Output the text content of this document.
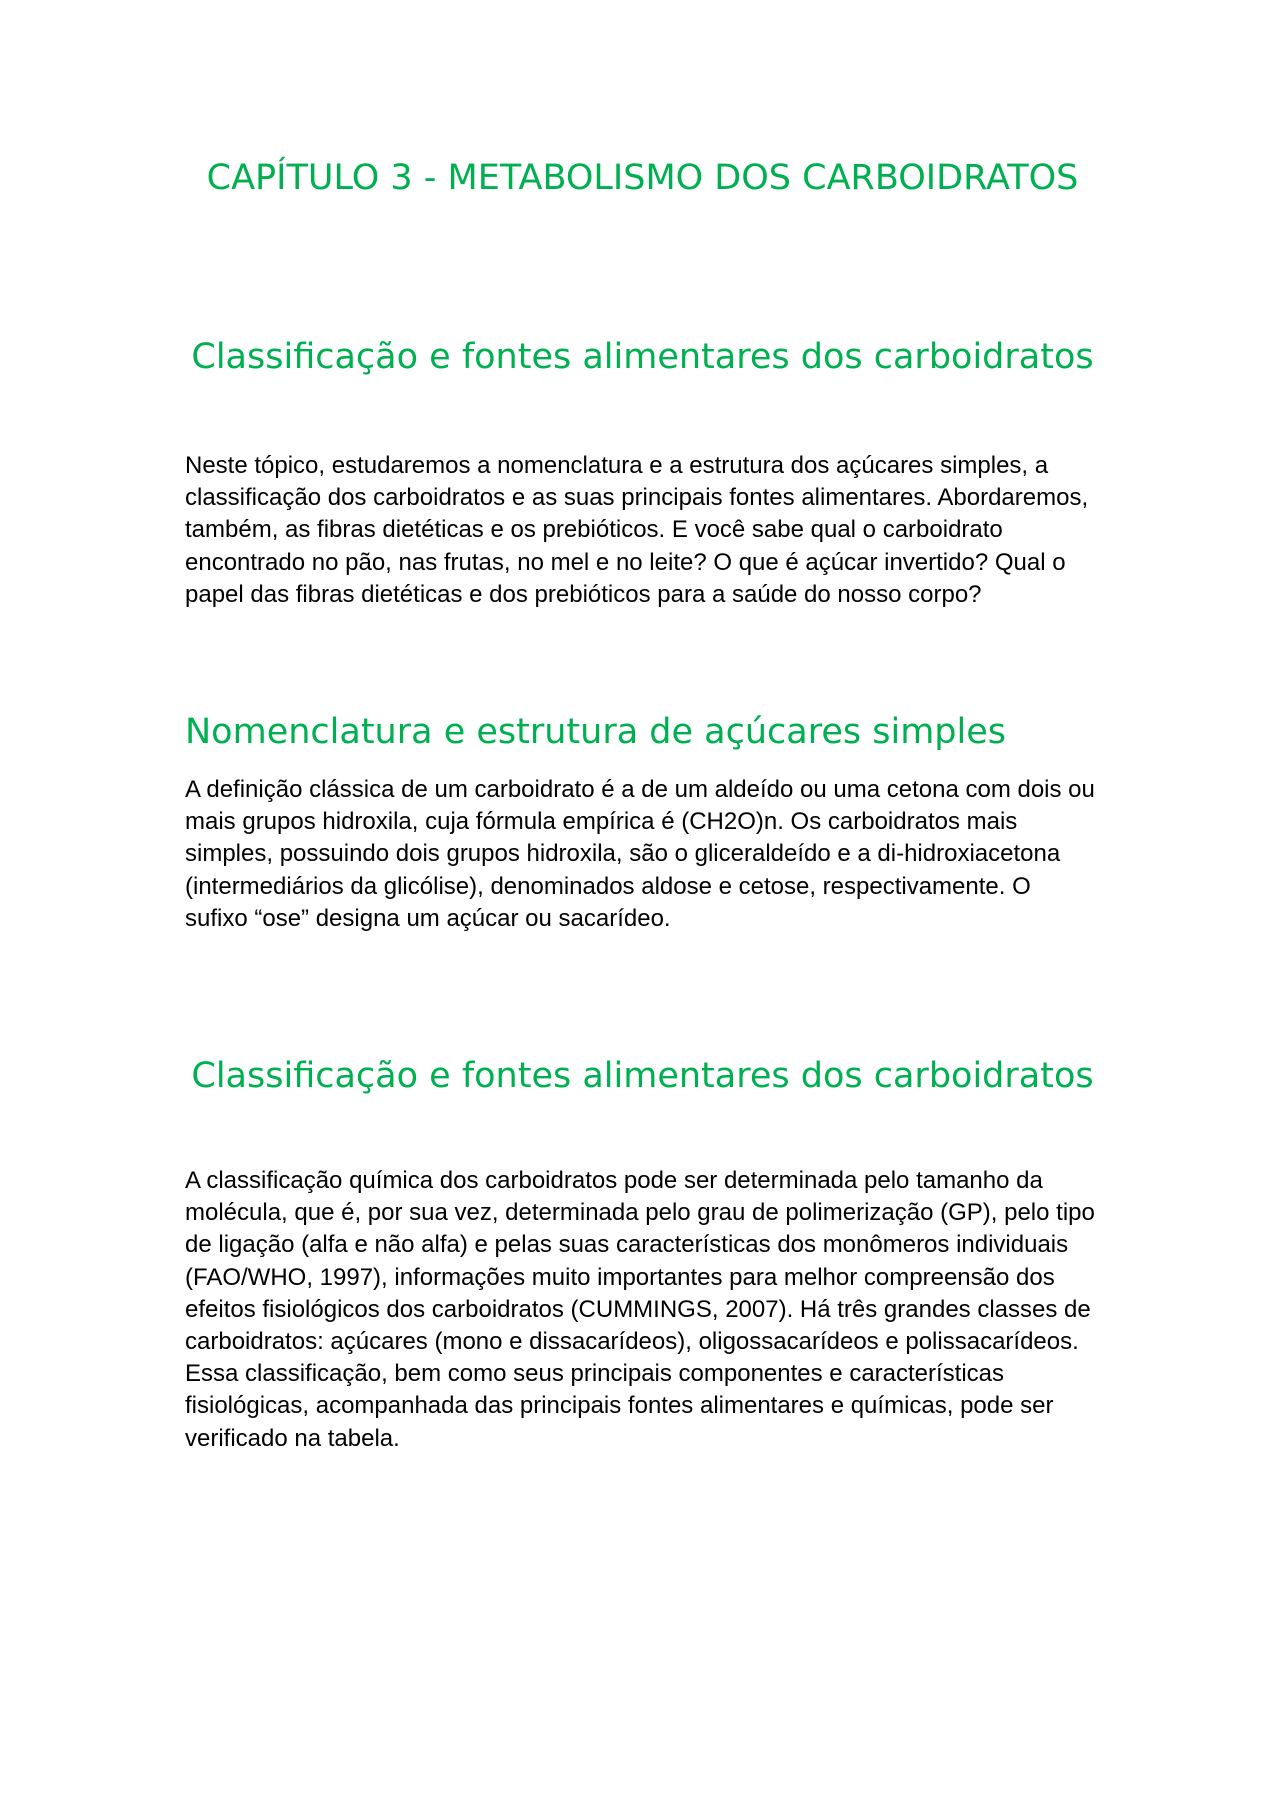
CAPÍTULO 3 - METABOLISMO DOS CARBOIDRATOS
Classificação e fontes alimentares dos carboidratos

Neste tópico, estudaremos a nomenclatura e a estrutura dos açúcares simples, a classificação dos carboidratos e as suas principais fontes alimentares. Abordaremos, também, as fibras dietéticas e os prebióticos. E você sabe qual o carboidrato encontrado no pão, nas frutas, no mel e no leite? O que é açúcar invertido? Qual o papel das fibras dietéticas e dos prebióticos para a saúde do nosso corpo?

Nomenclatura e estrutura de açúcares simples

A definição clássica de um carboidrato é a de um aldeído ou uma cetona com dois ou mais grupos hidroxila, cuja fórmula empírica é (CH2O)n. Os carboidratos mais simples, possuindo dois grupos hidroxila, são o gliceraldeído e a di-hidroxiacetona (intermediários da glicólise), denominados aldose e cetose, respectivamente. O sufixo “ose” designa um açúcar ou sacarídeo.

Classificação e fontes alimentares dos carboidratos

A classificação química dos carboidratos pode ser determinada pelo tamanho da molécula, que é, por sua vez, determinada pelo grau de polimerização (GP), pelo tipo de ligação (alfa e não alfa) e pelas suas características dos monômeros individuais (FAO/WHO, 1997), informações muito importantes para melhor compreensão dos efeitos fisiológicos dos carboidratos (CUMMINGS, 2007). Há três grandes classes de carboidratos: açúcares (mono e dissacarídeos), oligossacarídeos e polissacarídeos. Essa classificação, bem como seus principais componentes e características fisiológicas, acompanhada das principais fontes alimentares e químicas, pode ser verificado na tabela.
